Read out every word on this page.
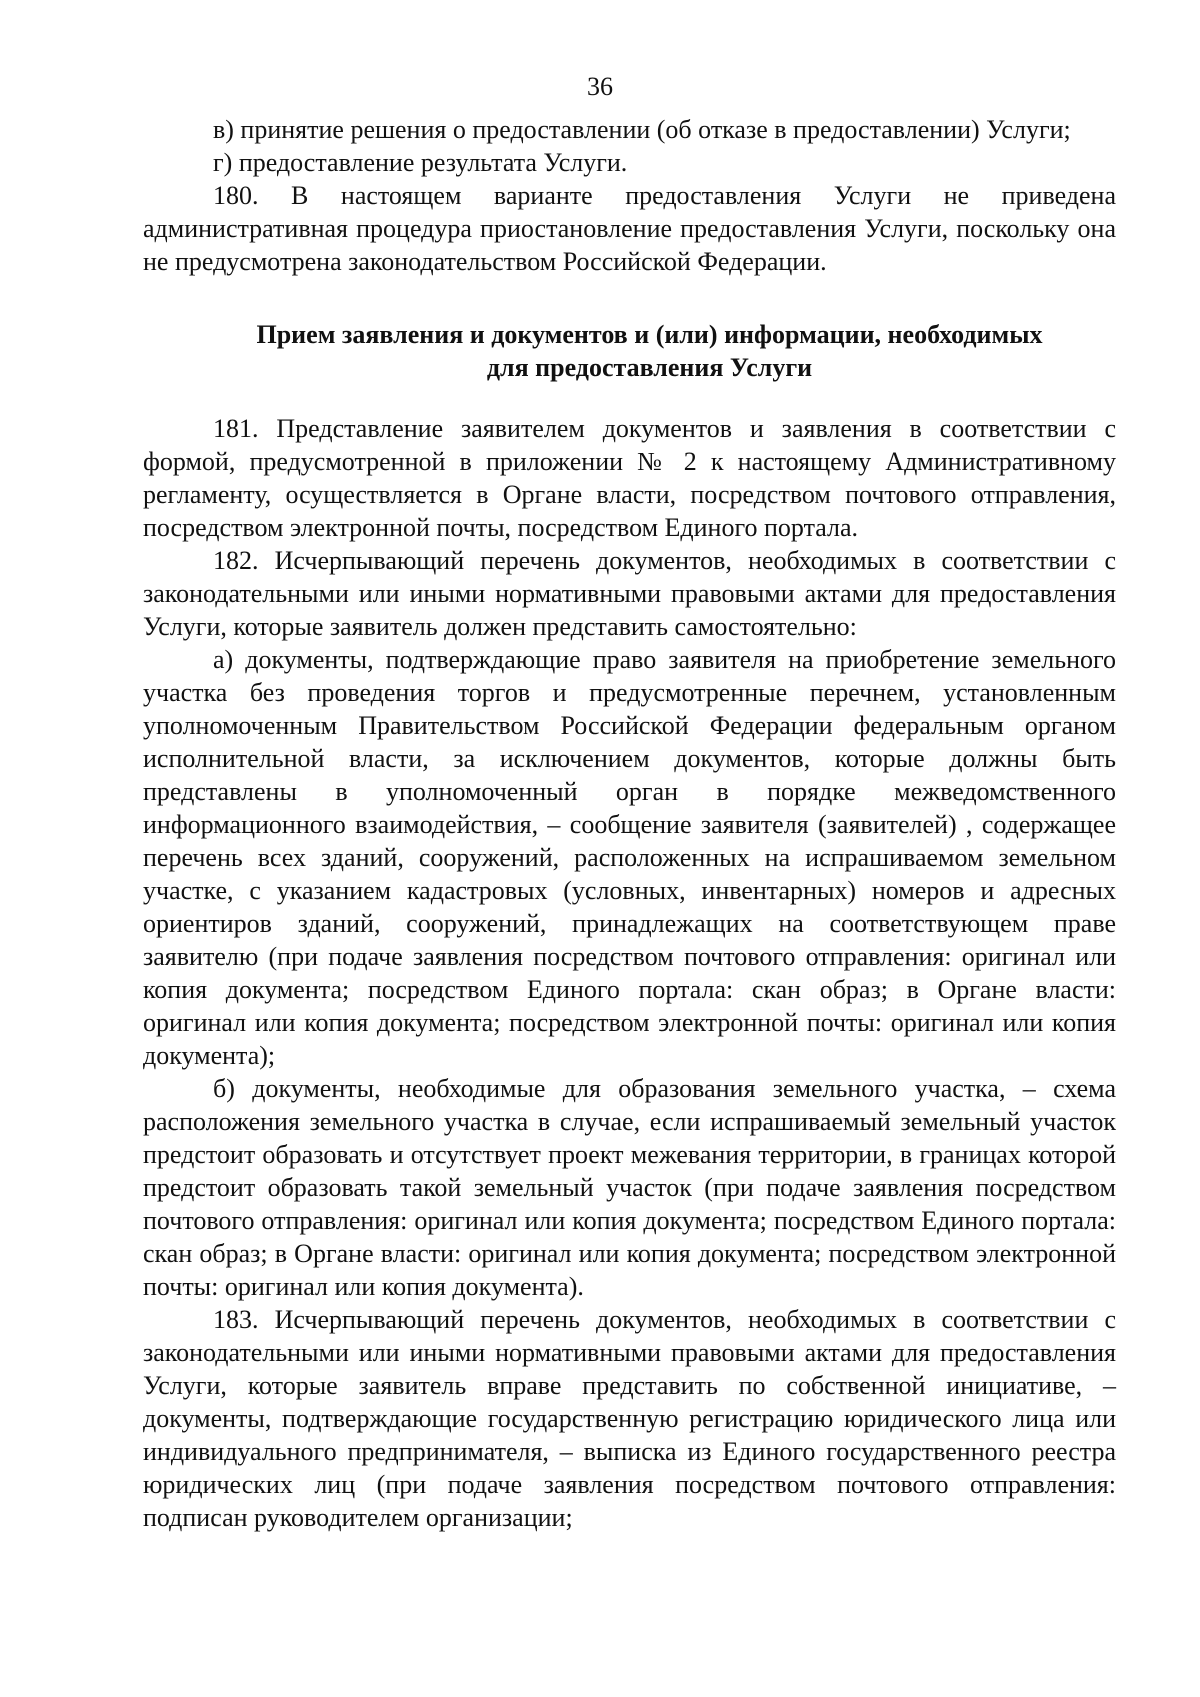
36

в) принятие решения о предоставлении (об отказе в предоставлении) Услуги;

г) предоставление результата Услуги.

180. В настоящем варианте предоставления Услуги не приведена административная процедура приостановление предоставления Услуги, поскольку она не предусмотрена законодательством Российской Федерации.

Прием заявления и документов и (или) информации, необходимых
для предоставления Услуги

181. Представление заявителем документов и заявления в соответствии с формой, предусмотренной в приложении № 2 к настоящему Административному регламенту, осуществляется в Органе власти, посредством почтового отправления, посредством электронной почты, посредством Единого портала.

182. Исчерпывающий перечень документов, необходимых в соответствии с законодательными или иными нормативными правовыми актами для предоставления Услуги, которые заявитель должен представить самостоятельно:

а) документы, подтверждающие право заявителя на приобретение земельного участка без проведения торгов и предусмотренные перечнем, установленным уполномоченным Правительством Российской Федерации федеральным органом исполнительной власти, за исключением документов, которые должны быть представлены в уполномоченный орган в порядке межведомственного информационного взаимодействия, – сообщение заявителя (заявителей) , содержащее перечень всех зданий, сооружений, расположенных на испрашиваемом земельном участке, с указанием кадастровых (условных, инвентарных) номеров и адресных ориентиров зданий, сооружений, принадлежащих на соответствующем праве заявителю (при подаче заявления посредством почтового отправления: оригинал или копия документа; посредством Единого портала: скан образ; в Органе власти: оригинал или копия документа; посредством электронной почты: оригинал или копия документа);

б) документы, необходимые для образования земельного участка, – схема расположения земельного участка в случае, если испрашиваемый земельный участок предстоит образовать и отсутствует проект межевания территории, в границах которой предстоит образовать такой земельный участок (при подаче заявления посредством почтового отправления: оригинал или копия документа; посредством Единого портала: скан образ; в Органе власти: оригинал или копия документа; посредством электронной почты: оригинал или копия документа).

183. Исчерпывающий перечень документов, необходимых в соответствии с законодательными или иными нормативными правовыми актами для предоставления Услуги, которые заявитель вправе представить по собственной инициативе, – документы, подтверждающие государственную регистрацию юридического лица или индивидуального предпринимателя, – выписка из Единого государственного реестра юридических лиц (при подаче заявления посредством почтового отправления: подписан руководителем организации;
